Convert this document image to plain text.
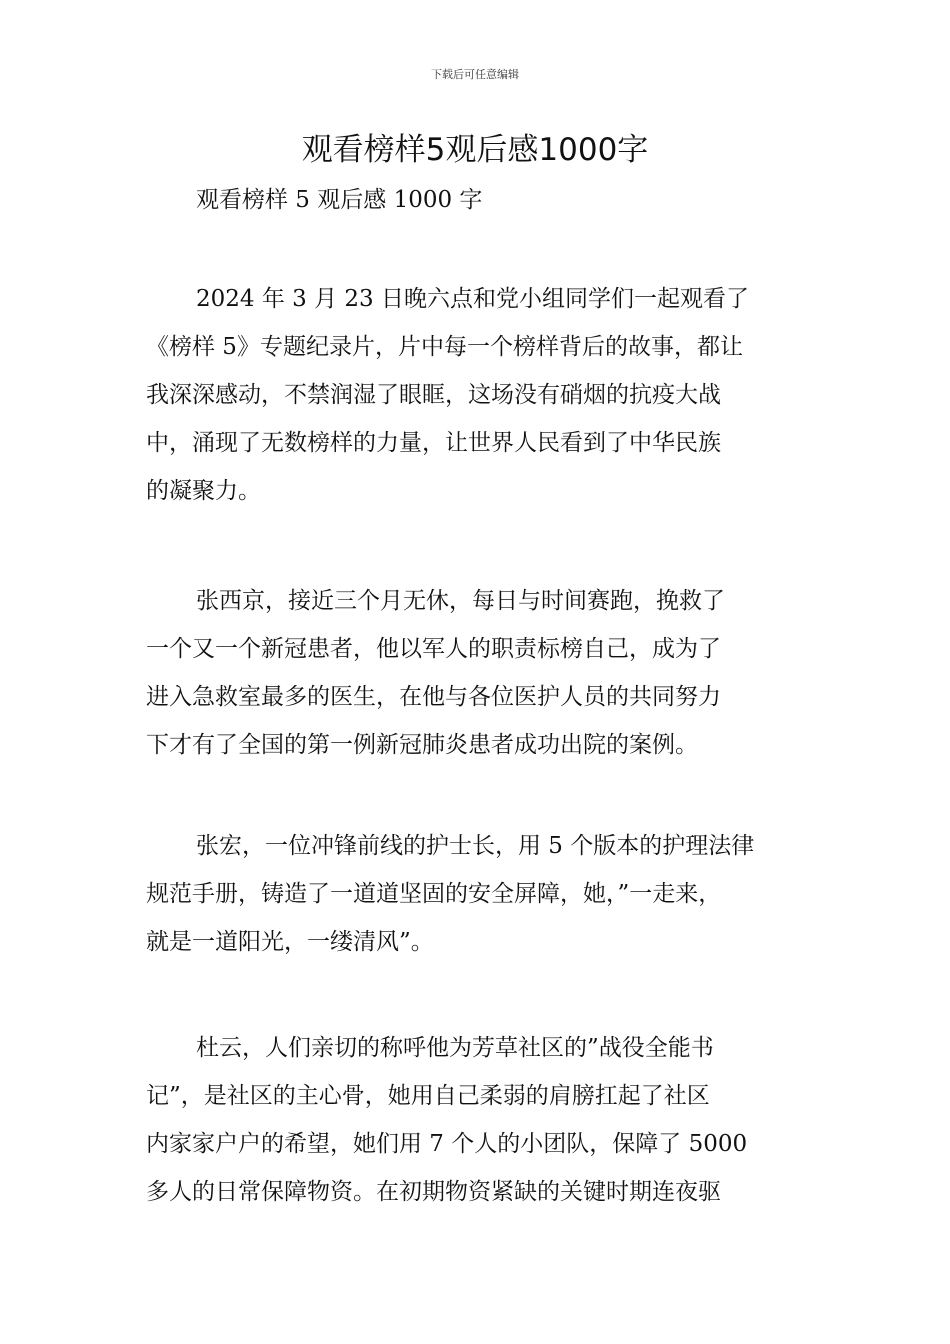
下载后可任意编辑
观看榜样5观后感1000字

观看榜样 5 观后感 1000 字

2024 年 3 月 23 日晚六点和党小组同学们一起观看了
《榜样 5》专题纪录片，片中每一个榜样背后的故事，都让
我深深感动，不禁润湿了眼眶，这场没有硝烟的抗疫大战
中，涌现了无数榜样的力量，让世界人民看到了中华民族
的凝聚力。
张西京，接近三个月无休，每日与时间赛跑，挽救了
一个又一个新冠患者，他以军人的职责标榜自己，成为了
进入急救室最多的医生，在他与各位医护人员的共同努力
下才有了全国的第一例新冠肺炎患者成功出院的案例。
张宏，一位冲锋前线的护士长，用 5 个版本的护理法律
规范手册，铸造了一道道坚固的安全屏障，她，”一走来，
就是一道阳光，一缕清风”。
杜云，人们亲切的称呼他为芳草社区的”战役全能书
记”，是社区的主心骨，她用自己柔弱的肩膀扛起了社区
内家家户户的希望，她们用 7 个人的小团队，保障了 5000
多人的日常保障物资。在初期物资紧缺的关键时期连夜驱
